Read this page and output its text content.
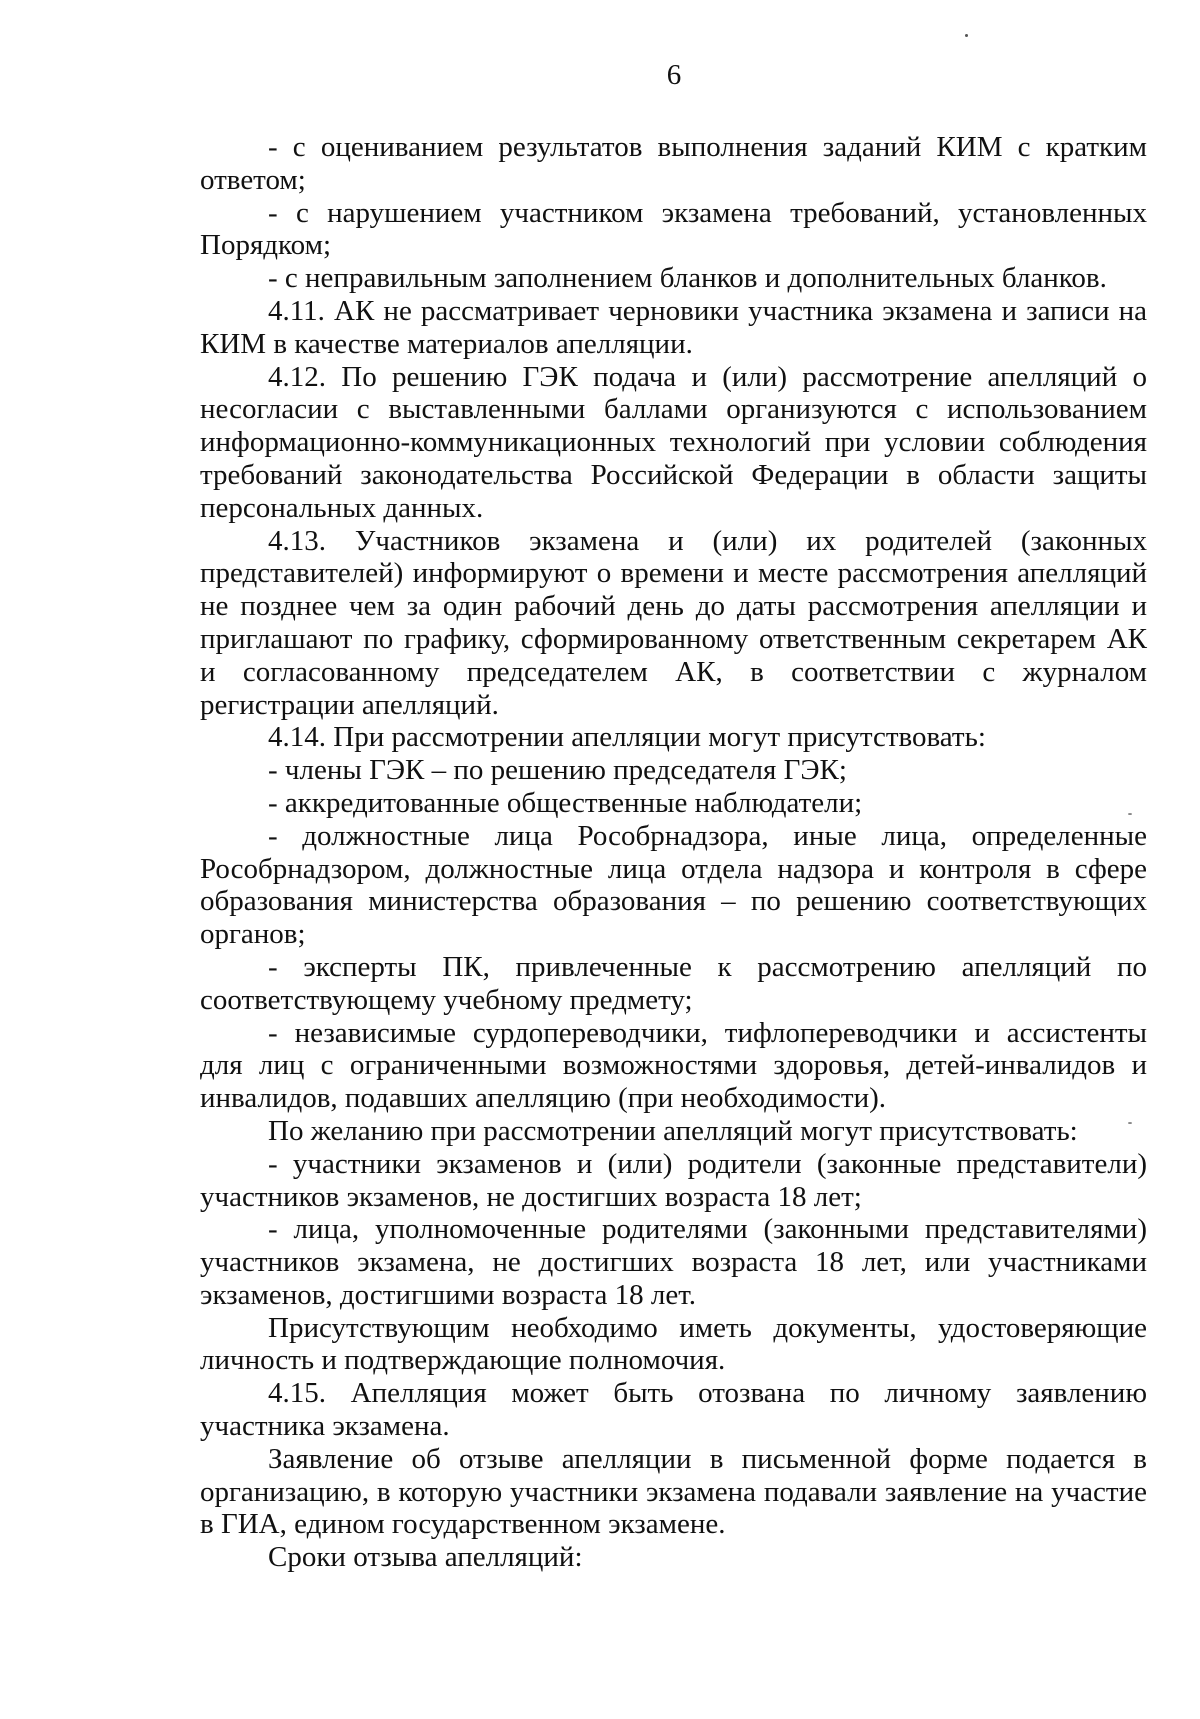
6

- с оцениванием результатов выполнения заданий КИМ с кратким ответом;

- с нарушением участником экзамена требований, установленных Порядком;

- с неправильным заполнением бланков и дополнительных бланков.

4.11. АК не рассматривает черновики участника экзамена и записи на КИМ в качестве материалов апелляции.

4.12. По решению ГЭК подача и (или) рассмотрение апелляций о несогласии с выставленными баллами организуются с использованием информационно-коммуникационных технологий при условии соблюдения требований законодательства Российской Федерации в области защиты персональных данных.

4.13. Участников экзамена и (или) их родителей (законных представителей) информируют о времени и месте рассмотрения апелляций не позднее чем за один рабочий день до даты рассмотрения апелляции и приглашают по графику, сформированному ответственным секретарем АК и согласованному председателем АК, в соответствии с журналом регистрации апелляций.

4.14. При рассмотрении апелляции могут присутствовать:

- члены ГЭК – по решению председателя ГЭК;

- аккредитованные общественные наблюдатели;

- должностные лица Рособрнадзора, иные лица, определенные Рособрнадзором, должностные лица отдела надзора и контроля в сфере образования министерства образования – по решению соответствующих органов;

- эксперты ПК, привлеченные к рассмотрению апелляций по соответствующему учебному предмету;

- независимые сурдопереводчики, тифлопереводчики и ассистенты для лиц с ограниченными возможностями здоровья, детей-инвалидов и инвалидов, подавших апелляцию (при необходимости).

По желанию при рассмотрении апелляций могут присутствовать:

- участники экзаменов и (или) родители (законные представители) участников экзаменов, не достигших возраста 18 лет;

- лица, уполномоченные родителями (законными представителями) участников экзамена, не достигших возраста 18 лет, или участниками экзаменов, достигшими возраста 18 лет.

Присутствующим необходимо иметь документы, удостоверяющие личность и подтверждающие полномочия.

4.15. Апелляция может быть отозвана по личному заявлению участника экзамена.

Заявление об отзыве апелляции в письменной форме подается в организацию, в которую участники экзамена подавали заявление на участие в ГИА, едином государственном экзамене.

Сроки отзыва апелляций:
